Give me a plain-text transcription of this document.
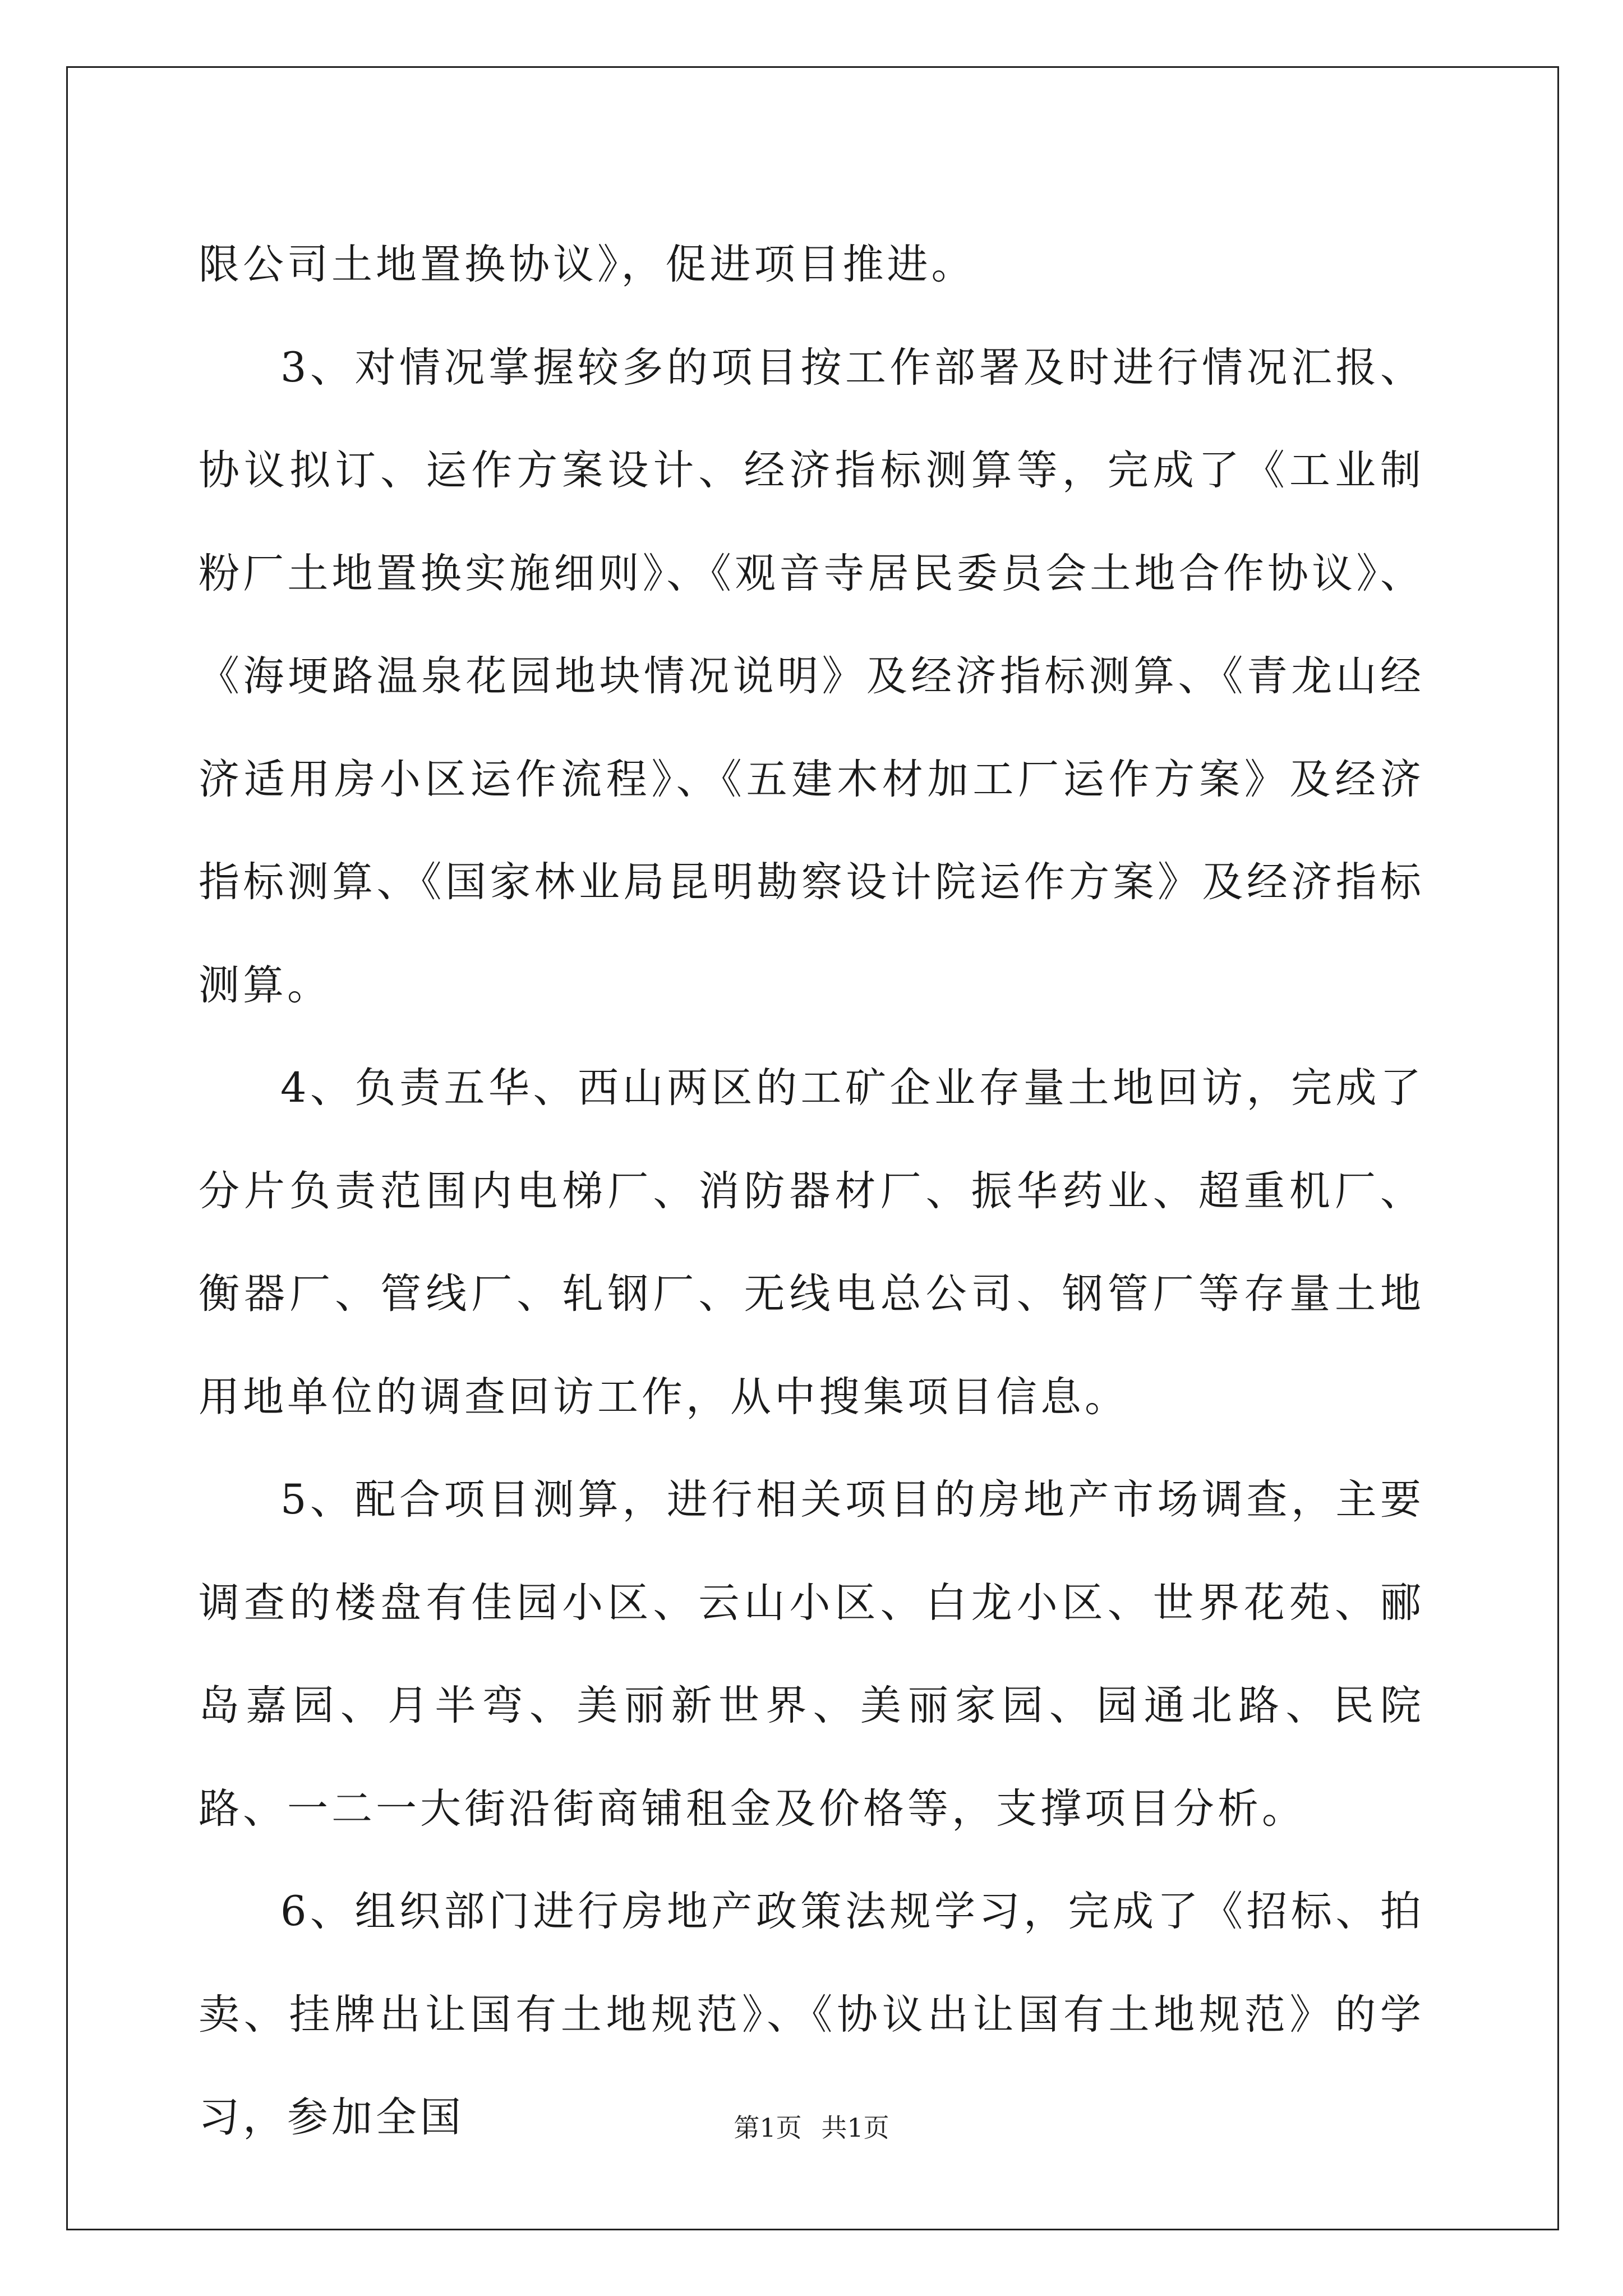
限公司土地置换协议》，促进项目推进。

3、对情况掌握较多的项目按工作部署及时进行情况汇报、协议拟订、运作方案设计、经济指标测算等，完成了《工业制粉厂土地置换实施细则》、《观音寺居民委员会土地合作协议》、《海埂路温泉花园地块情况说明》及经济指标测算、《青龙山经济适用房小区运作流程》、《五建木材加工厂运作方案》及经济指标测算、《国家林业局昆明勘察设计院运作方案》及经济指标测算。

4、负责五华、西山两区的工矿企业存量土地回访，完成了分片负责范围内电梯厂、消防器材厂、振华药业、超重机厂、衡器厂、管线厂、轧钢厂、无线电总公司、钢管厂等存量土地用地单位的调查回访工作，从中搜集项目信息。

5、配合项目测算，进行相关项目的房地产市场调查，主要调查的楼盘有佳园小区、云山小区、白龙小区、世界花苑、郦岛嘉园、月半弯、美丽新世界、美丽家园、园通北路、民院路、一二一大街沿街商铺租金及价格等，支撑项目分析。

6、组织部门进行房地产政策法规学习，完成了《招标、拍卖、挂牌出让国有土地规范》、《协议出让国有土地规范》的学习，参加全国	第1页 共1页
